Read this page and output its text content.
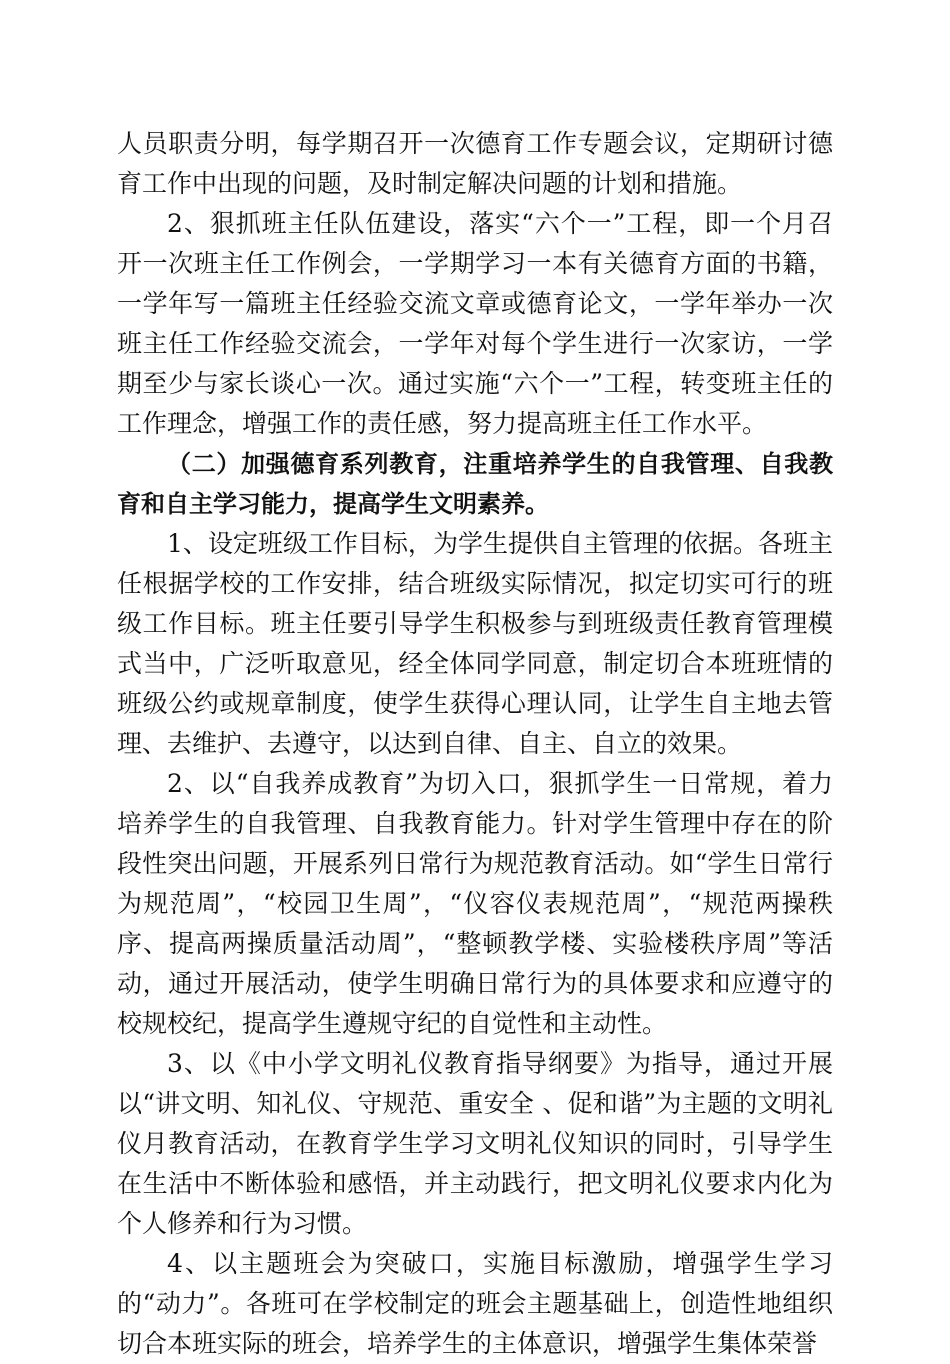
人员职责分明，每学期召开一次德育工作专题会议，定期研讨德育工作中出现的问题，及时制定解决问题的计划和措施。

2、狠抓班主任队伍建设，落实“六个一”工程，即一个月召开一次班主任工作例会，一学期学习一本有关德育方面的书籍，一学年写一篇班主任经验交流文章或德育论文，一学年举办一次班主任工作经验交流会，一学年对每个学生进行一次家访，一学期至少与家长谈心一次。通过实施“六个一”工程，转变班主任的工作理念，增强工作的责任感，努力提高班主任工作水平。

（二）加强德育系列教育，注重培养学生的自我管理、自我教育和自主学习能力，提高学生文明素养。

1、设定班级工作目标，为学生提供自主管理的依据。各班主任根据学校的工作安排，结合班级实际情况，拟定切实可行的班级工作目标。班主任要引导学生积极参与到班级责任教育管理模式当中，广泛听取意见，经全体同学同意，制定切合本班班情的班级公约或规章制度，使学生获得心理认同，让学生自主地去管理、去维护、去遵守，以达到自律、自主、自立的效果。

2、以“自我养成教育”为切入口，狠抓学生一日常规，着力培养学生的自我管理、自我教育能力。针对学生管理中存在的阶段性突出问题，开展系列日常行为规范教育活动。如“学生日常行为规范周”，“校园卫生周”，“仪容仪表规范周”，“规范两操秩序、提高两操质量活动周”，“整顿教学楼、实验楼秩序周”等活动，通过开展活动，使学生明确日常行为的具体要求和应遵守的校规校纪，提高学生遵规守纪的自觉性和主动性。

3、以《中小学文明礼仪教育指导纲要》为指导，通过开展以“讲文明、知礼仪、守规范、重安全 、促和谐”为主题的文明礼仪月教育活动，在教育学生学习文明礼仪知识的同时，引导学生在生活中不断体验和感悟，并主动践行，把文明礼仪要求内化为个人修养和行为习惯。

4、以主题班会为突破口，实施目标激励，增强学生学习的“动力”。各班可在学校制定的班会主题基础上，创造性地组织切合本班实际的班会，培养学生的主体意识，增强学生集体荣誉
